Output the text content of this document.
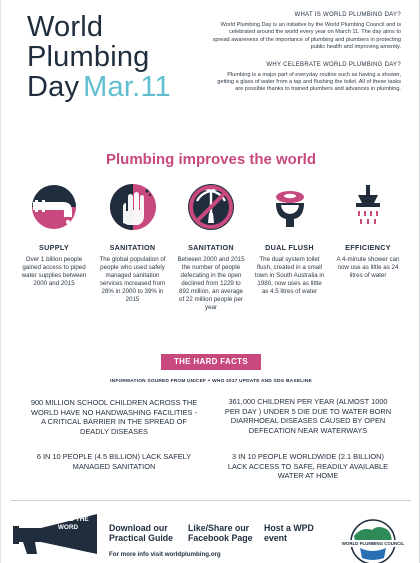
World
Plumbing
Day Mar.11
WHAT IS WORLD PLUMBING DAY?

World Plumbing Day is an initiative by the World Plumbing Council and is celebrated around the world every year on March 11. The day aims to spread awareness of the importance of plumbing and plumbers in protecting public health and improving amenity.

WHY CELEBRATE WORLD PLUMBING DAY?

Plumbing is a major part of everyday routine such as having a shower, getting a glass of water from a tap and flushing the toilet. All of these tasks are possible thanks to trained plumbers and advances in plumbing.

Plumbing improves the world
SUPPLY
Over 1 billion people gained access to piped water supplies between 2000 and 2015
SANITATION
The global population of people who used safely managed sanitation services increased from 28% in 2000 to 39% in 2015
SANITATION
Between 2000 and 2015 the number of people defecating in the open declined from 1229 to 892 million, an average of 22 million people per year
DUAL FLUSH
The dual system toilet flush, created in a small town in South Australia in 1980, now uses as little as 4.5 litres of water
EFFICIENCY
A 4-minute shower can now use as little as 24 litres of water
THE HARD FACTS
INFORMATION SOURED FROM UNICEF + WHO 2017 UPDATE AND SDG BASELINE
900 MILLION SCHOOL CHILDREN ACROSS THE WORLD HAVE NO HANDWASHING FACILITIES - A CRITICAL BARRIER IN THE SPREAD OF DEADLY DISEASES
361,000 CHILDREN PER YEAR (ALMOST 1000 PER DAY ) UNDER 5 DIE DUE TO WATER BORN DIARRHOEAL DISEASES CAUSED BY OPEN DEFECATION NEAR WATERWAYS
6 IN 10 PEOPLE (4.5 BILLION) LACK SAFELY MANAGED SANITATION
3 IN 10 PEOPLE WORLDWIDE (2.1 BILLION) LACK ACCESS TO SAFE, READILY AVAILABLE WATER AT HOME
SPREAD THE WORD	Download our Practical Guide
Like/Share our Facebook Page
Host a WPD event
For more info visit worldplumbing.org
WORLD PLUMBING COUNCIL
